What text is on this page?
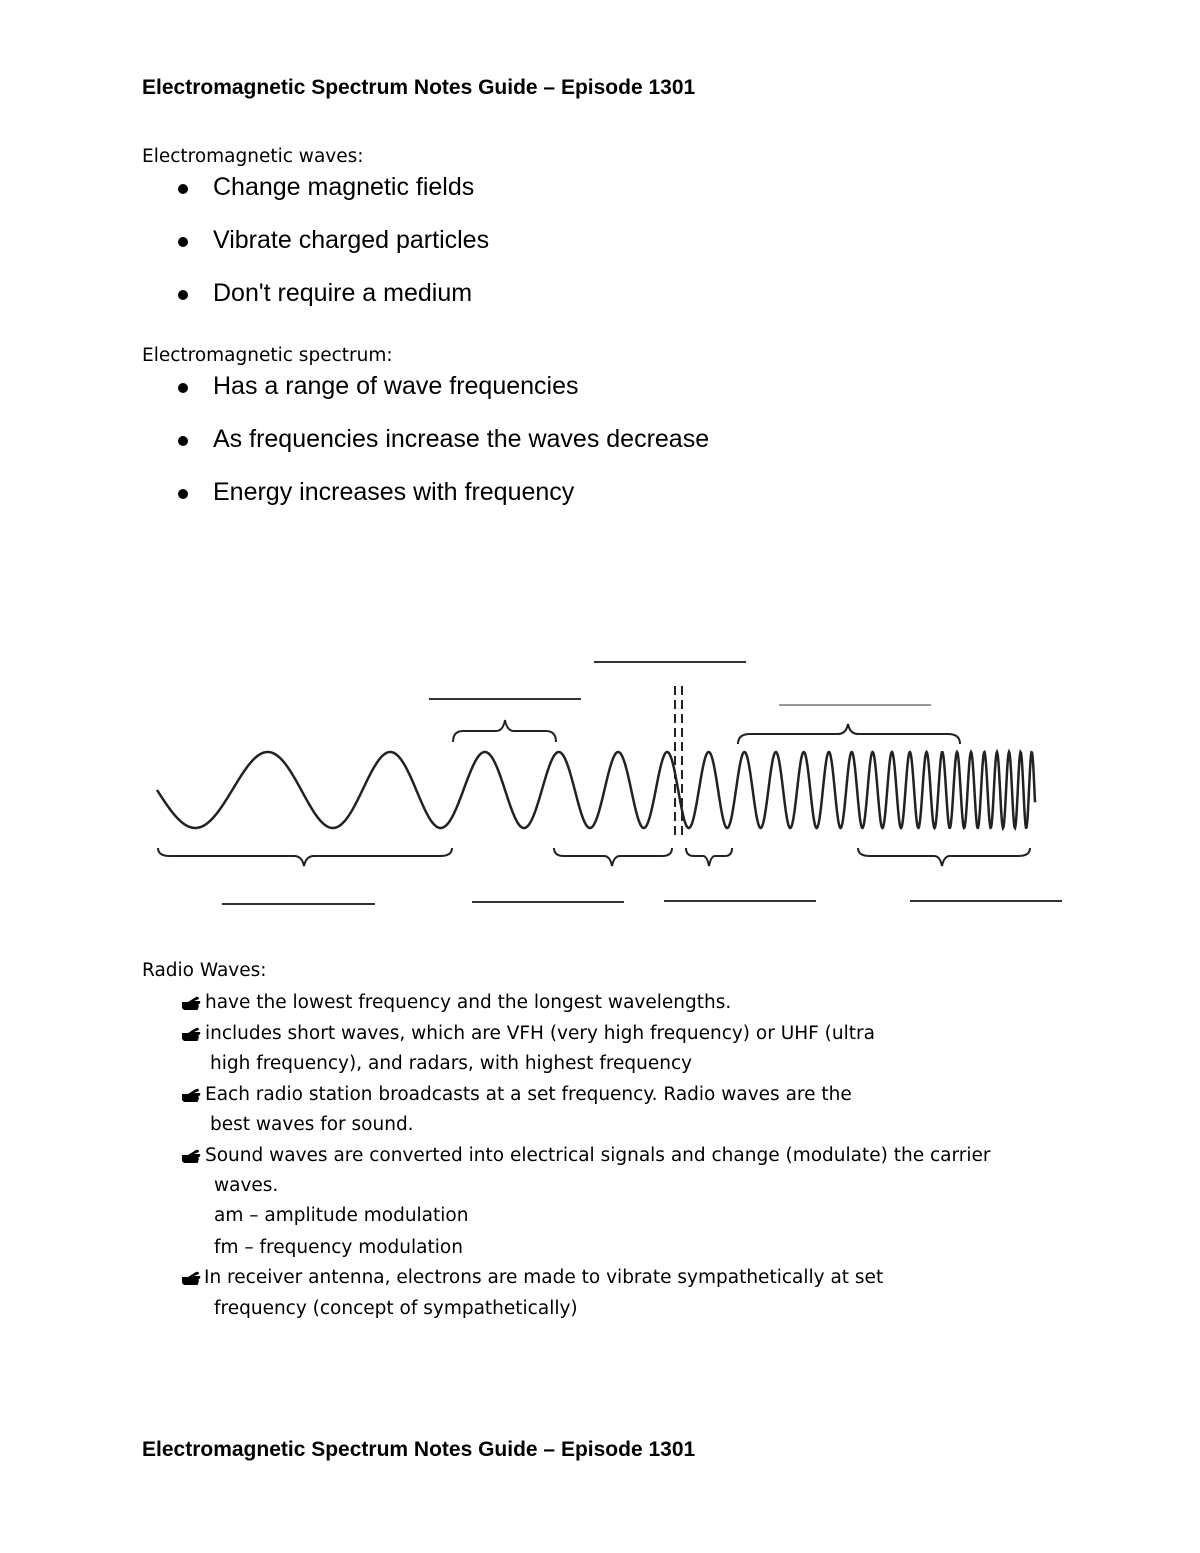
Electromagnetic Spectrum Notes Guide – Episode 1301
Electromagnetic waves:
Change magnetic fields
Vibrate charged particles
Don't require a medium
Electromagnetic spectrum:
Has a range of wave frequencies
As frequencies increase the waves decrease
Energy increases with frequency
Radio Waves:
have the lowest frequency and the longest wavelengths.
includes short waves, which are VFH (very high frequency) or UHF (ultra
high frequency), and radars, with highest frequency
Each radio station broadcasts at a set frequency. Radio waves are the
best waves for sound.
Sound waves are converted into electrical signals and change (modulate) the carrier
waves.
am – amplitude modulation
fm – frequency modulation
In receiver antenna, electrons are made to vibrate sympathetically at set
frequency (concept of sympathetically)
Electromagnetic Spectrum Notes Guide – Episode 1301
